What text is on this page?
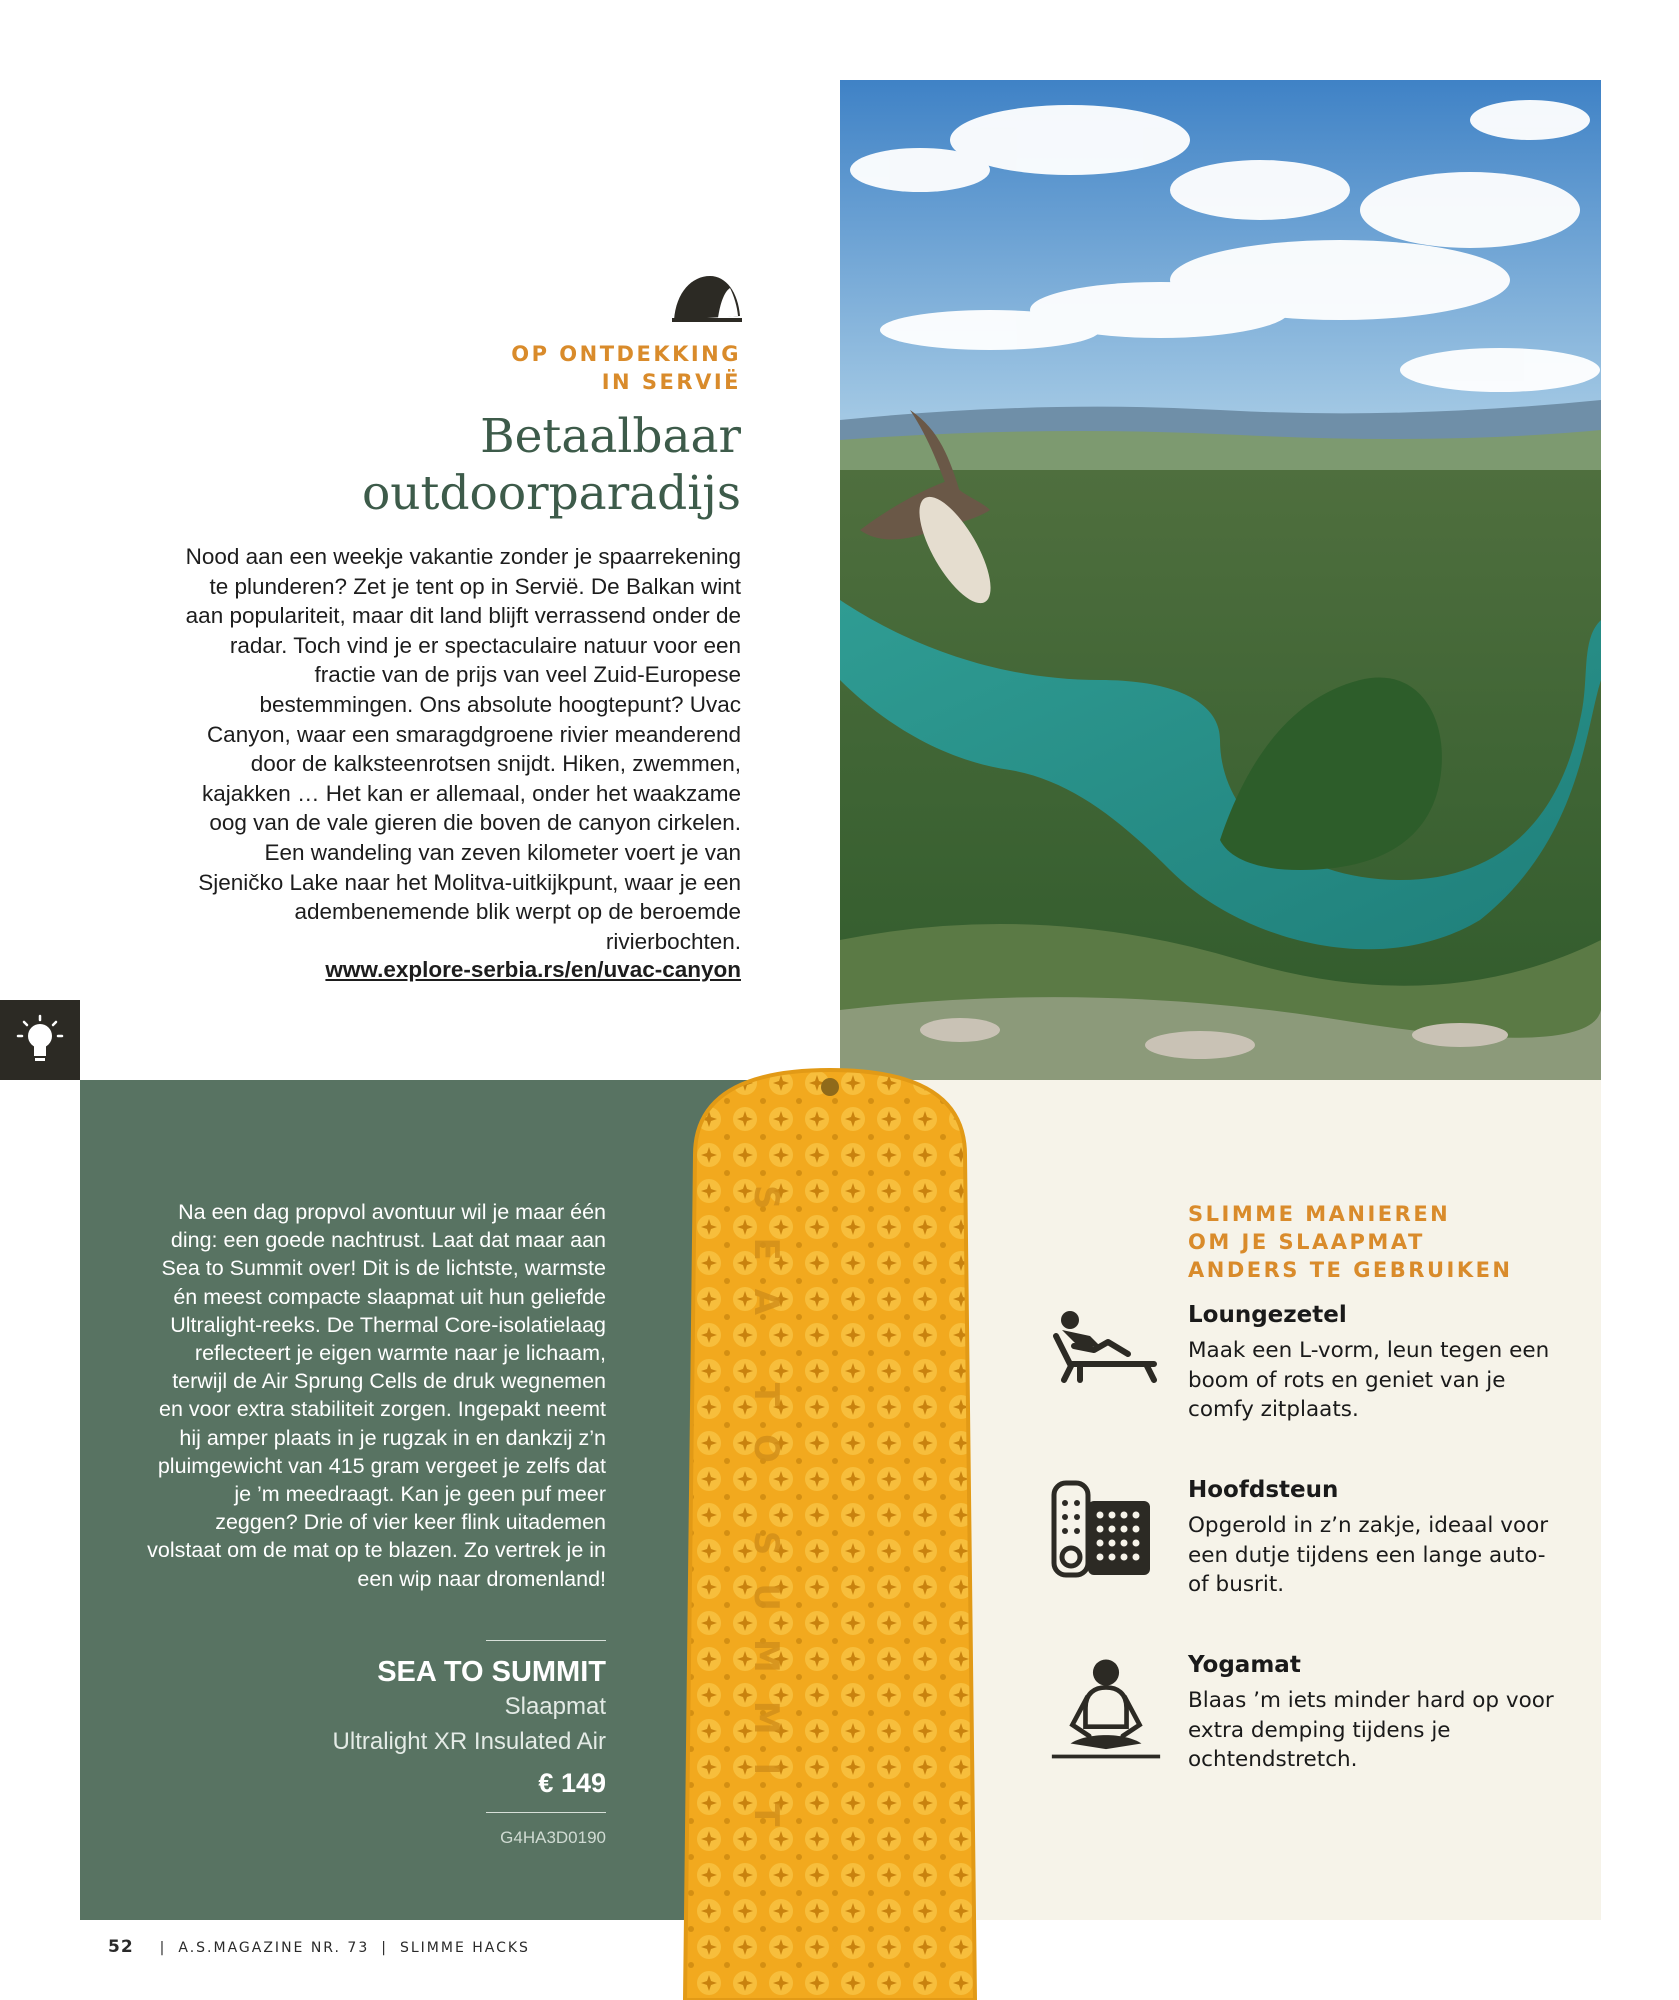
OP ONTDEKKING
IN SERVIË
Betaalbaar
outdoorparadijs

Nood aan een weekje vakantie zonder je spaarrekening te plunderen? Zet je tent op in Servië. De Balkan wint aan populariteit, maar dit land blijft verrassend onder de radar. Toch vind je er spectaculaire natuur voor een fractie van de prijs van veel Zuid-Europese bestemmingen. Ons absolute hoogtepunt? Uvac Canyon, waar een smaragdgroene rivier meanderend door de kalksteenrotsen snijdt. Hiken, zwemmen, kajakken … Het kan er allemaal, onder het waakzame oog van de vale gieren die boven de canyon cirkelen. Een wandeling van zeven kilometer voert je van Sjeničko Lake naar het Molitva-uitkijkpunt, waar je een adembenemende blik werpt op de beroemde rivierbochten.

www.explore-serbia.rs/en/uvac-canyon

Na een dag propvol avontuur wil je maar één ding: een goede nachtrust. Laat dat maar aan Sea to Summit over! Dit is de lichtste, warmste én meest compacte slaapmat uit hun geliefde Ultralight-reeks. De Thermal Core-isolatielaag reflecteert je eigen warmte naar je lichaam, terwijl de Air Sprung Cells de druk wegnemen en voor extra stabiliteit zorgen. Ingepakt neemt hij amper plaats in je rugzak in en dankzij z’n pluimgewicht van 415 gram vergeet je zelfs dat je ’m meedraagt. Kan je geen puf meer zeggen? Drie of vier keer flink uitademen volstaat om de mat op te blazen. Zo vertrek je in een wip naar dromenland!

SEA TO SUMMIT
Slaapmat
Ultralight XR Insulated Air
€ 149
G4HA3D0190	SEA TO SUMMIT	SLIMME MANIEREN
OM JE SLAAPMAT
ANDERS TE GEBRUIKEN
Loungezetel

Maak een L-vorm, leun tegen een boom of rots en geniet van je comfy zitplaats.

Hoofdsteun

Opgerold in z’n zakje, ideaal voor een dutje tijdens een lange auto- of busrit.

Yogamat

Blaas ’m iets minder hard op voor extra demping tijdens je ochtendstretch.

52 | A.S.MAGAZINE NR. 73 | SLIMME HACKS
